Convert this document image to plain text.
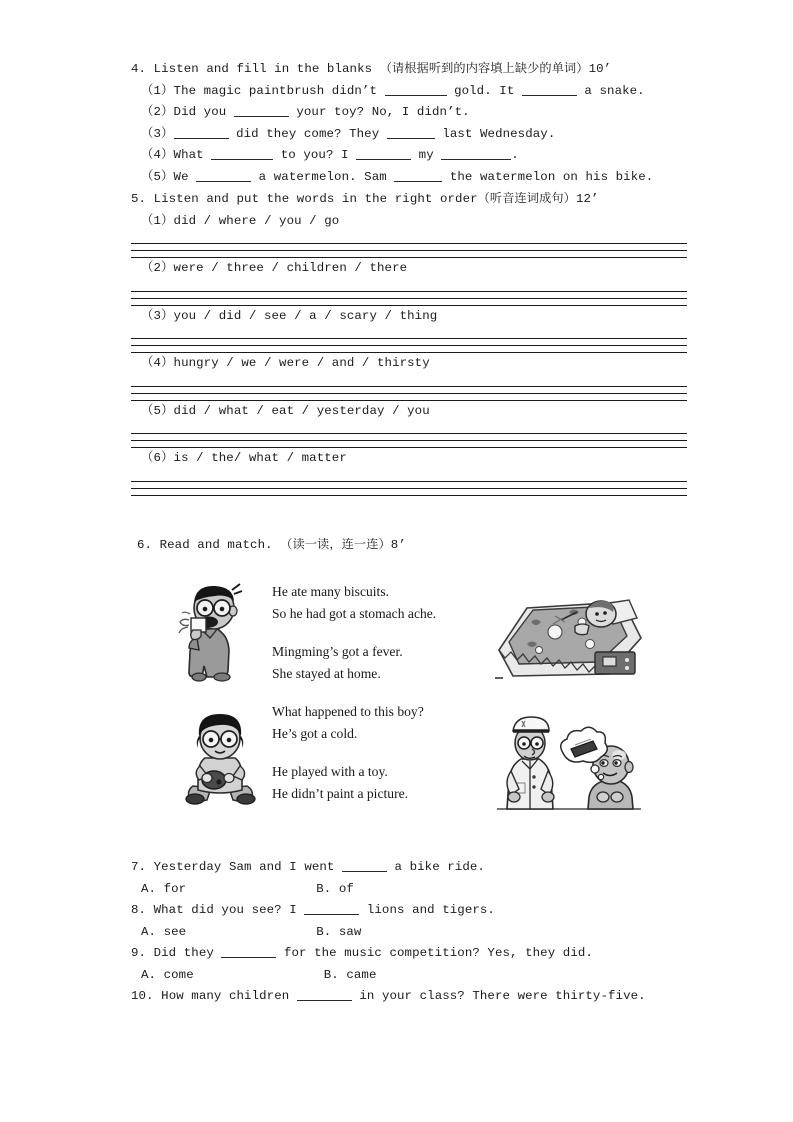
4. Listen and fill in the blanks （请根据听到的内容填上缺少的单词）10’
（1）The magic paintbrush didn’t	gold. It	a snake.
（2）Did you	your toy? No, I didn’t.
（3）	did they come? They	last Wednesday.
（4）What	to you? I	my	.
（5）We	a watermelon. Sam	the watermelon on his bike.
5. Listen and put the words in the right order（听音连词成句）12’
（1）did / where / you / go
（2）were / three / children / there
（3）you / did / see / a / scary / thing
（4）hungry / we / were / and / thirsty
（5）did / what / eat / yesterday / you
（6）is / the/ what / matter
6. Read and match. （读一读，连一连）8’
He ate many biscuits.
So he had got a stomach ache.
Mingming’s got a fever.
She stayed at home.
What happened to this boy?
He’s got a cold.
He played with a toy.
He didn’t paint a picture.
7. Yesterday Sam and I went	a bike ride.
A. for	B. of
8. What did you see? I	lions and tigers.
A. see	B. saw
9. Did they	for the music competition? Yes, they did.
A. come	B. came
10. How many children	in your class? There were thirty-five.
